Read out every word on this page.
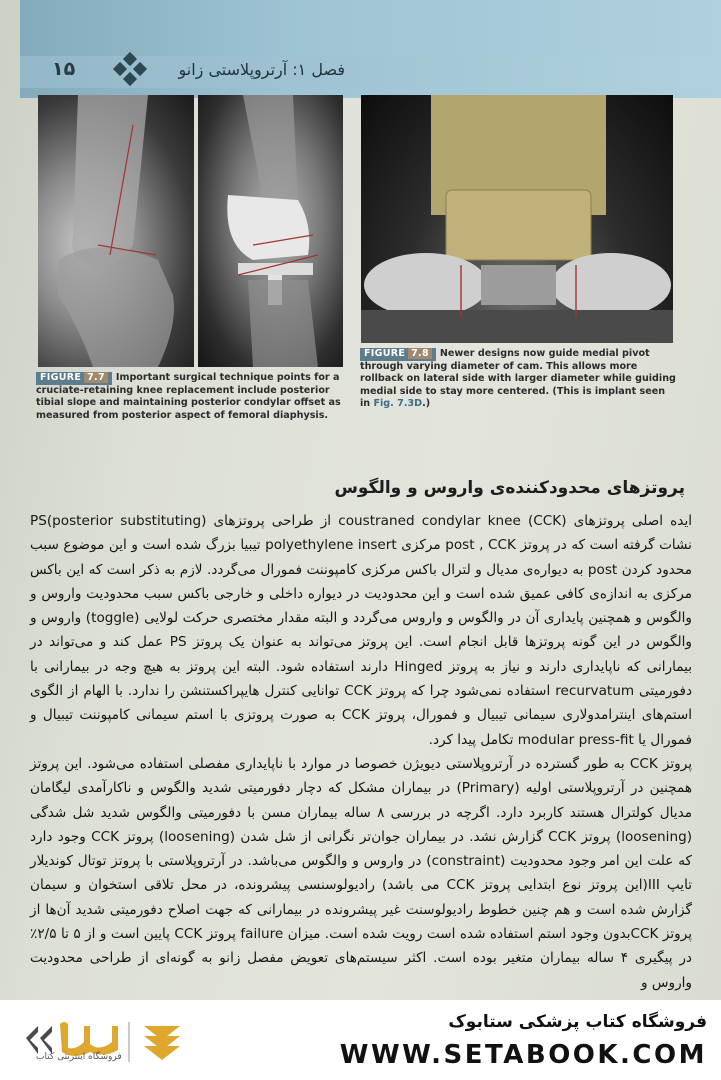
۱۵	فصل ۱: آرتروپلاستی زانو
FIGURE 7.7 Important surgical technique points for a cruciate-retaining knee replacement include posterior tibial slope and maintaining posterior condylar offset as measured from posterior aspect of femoral diaphysis.
FIGURE 7.8 Newer designs now guide medial pivot through varying diameter of cam. This allows more rollback on lateral side with larger diameter while guiding medial side to stay more centered. (This is implant seen in Fig. 7.3D.)
پروتزهای محدودکننده‌ی واروس و والگوس

ایده اصلی پروتزهای coustraned condylar knee (CCK) از طراحی پروتزهای PS(posterior substituting) نشات گرفته است که در پروتز post , CCK مرکزی polyethylene insert تیبیا بزرگ شده است و این موضوع سبب محدود کردن post به دیواره‌ی مدیال و لترال باکس مرکزی کامپوننت فمورال می‌گردد. لازم به ذکر است که این باکس مرکزی به اندازه‌ی کافی عمیق شده است و این محدودیت در دیواره داخلی و خارجی باکس سبب محدودیت واروس و والگوس و همچنین پایداری آن در والگوس و واروس می‌گردد و البته مقدار مختصری حرکت لولایی (toggle) واروس و والگوس در این گونه پروتزها قابل انجام است. این پروتز می‌تواند به عنوان یک پروتز PS عمل کند و می‌تواند در بیمارانی که ناپایداری دارند و نیاز به پروتز Hinged دارند استفاده شود. البته این پروتز به هیچ وجه در بیمارانی با دفورمیتی recurvatum استفاده نمی‌شود چرا که پروتز CCK توانایی کنترل هایپراکستنشن را ندارد. با الهام از الگوی استم‌های اینترامدولاری سیمانی تیبیال و فمورال، پروتز CCK به صورت پروتزی با استم سیمانی کامپوننت تیبیال و فمورال یا modular press-fit تکامل پیدا کرد.

پروتز CCK به طور گسترده در آرتروپلاستی دیویژن خصوصا در موارد با ناپایداری مفصلی استفاده می‌شود. این پروتز همچنین در آرتروپلاستی اولیه (Primary) در بیماران مشکل که دچار دفورمیتی شدید والگوس و ناکارآمدی لیگامان مدیال کولترال هستند کاربرد دارد. اگرچه در بررسی ۸ ساله بیماران مسن با دفورمیتی والگوس شدید شل شدگی (loosening) پروتز CCK گزارش نشد. در بیماران جوان‌تر نگرانی از شل شدن (loosening) پروتز CCK وجود دارد که علت این امر وجود محدودیت (constraint) در واروس و والگوس می‌باشد. در آرتروپلاستی با پروتز توتال کوندیلار تایپ III(این پروتز نوع ابتدایی پروتز CCK می باشد) رادیولوسنسی پیشرونده، در محل تلاقی استخوان و سیمان گزارش شده است و هم چنین خطوط رادیولوسنت غیر پیشرونده در بیمارانی که جهت اصلاح دفورمیتی شدید آن‌ها از پروتز CCKبدون وجود استم استفاده شده است رویت شده است. میزان failure پروتز CCK پایین است و از ۵ تا ۲/۵٪ در پیگیری ۴ ساله بیماران متغیر بوده است. اکثر سیستم‌های تعویض مفصل زانو به گونه‌ای از طراحی محدودیت واروس و

فروشگاه اینترنتی کتاب
فروشگاه کتاب پزشکی ستابوک
WWW.SETABOOK.COM
